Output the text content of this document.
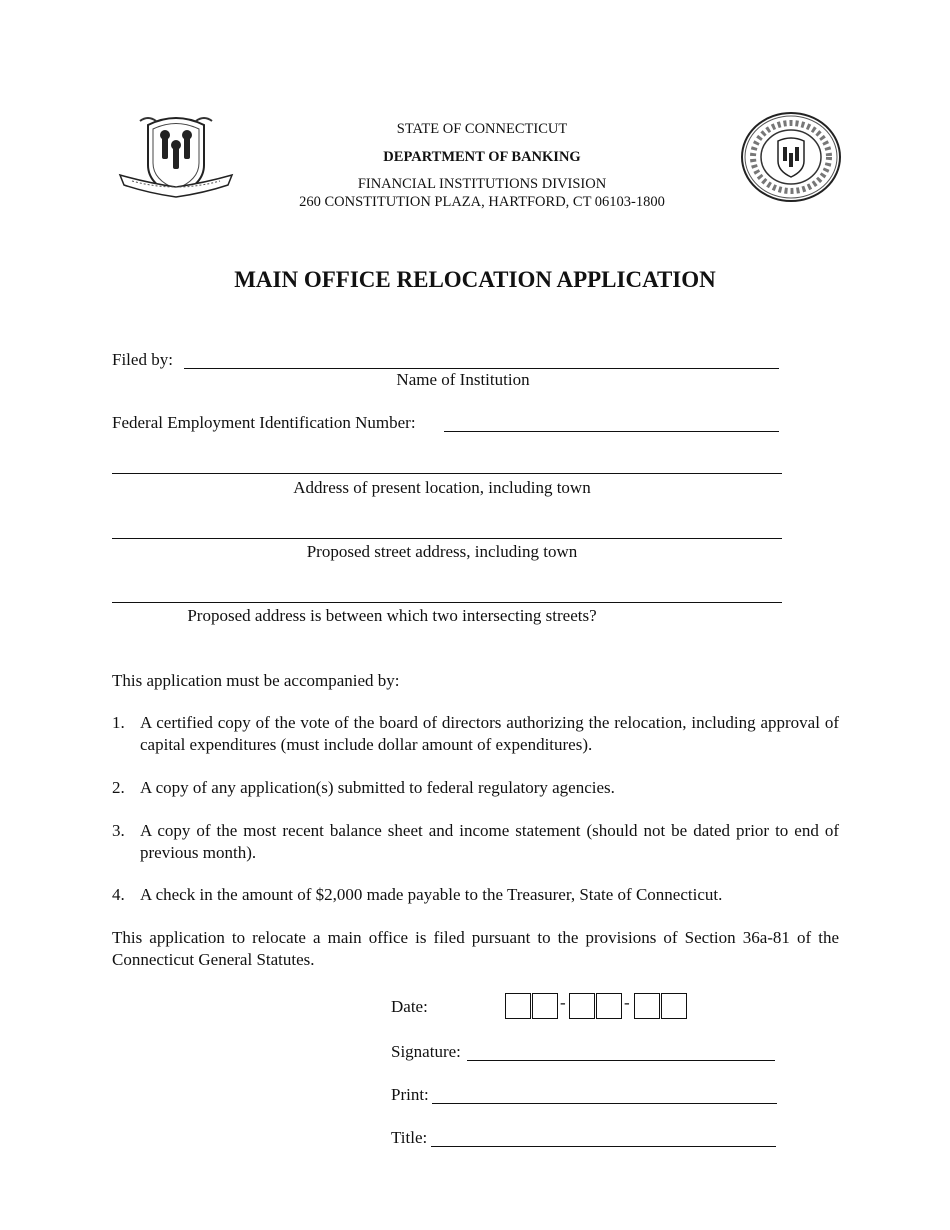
STATE OF CONNECTICUT
DEPARTMENT OF BANKING
FINANCIAL INSTITUTIONS DIVISION
260 CONSTITUTION PLAZA, HARTFORD, CT 06103-1800
MAIN OFFICE RELOCATION APPLICATION
Filed by:
Name of Institution
Federal Employment Identification Number:
Address of present location, including town
Proposed street address, including town
Proposed address is between which two intersecting streets?
This application must be accompanied by:
1. A certified copy of the vote of the board of directors authorizing the relocation, including approval of capital expenditures (must include dollar amount of expenditures).
2. A copy of any application(s) submitted to federal regulatory agencies.
3. A copy of the most recent balance sheet and income statement (should not be dated prior to end of previous month).
4. A check in the amount of $2,000 made payable to the Treasurer, State of Connecticut.
This application to relocate a main office is filed pursuant to the provisions of Section 36a-81 of the Connecticut General Statutes.
Date:	-	-
Signature:
Print:
Title:
